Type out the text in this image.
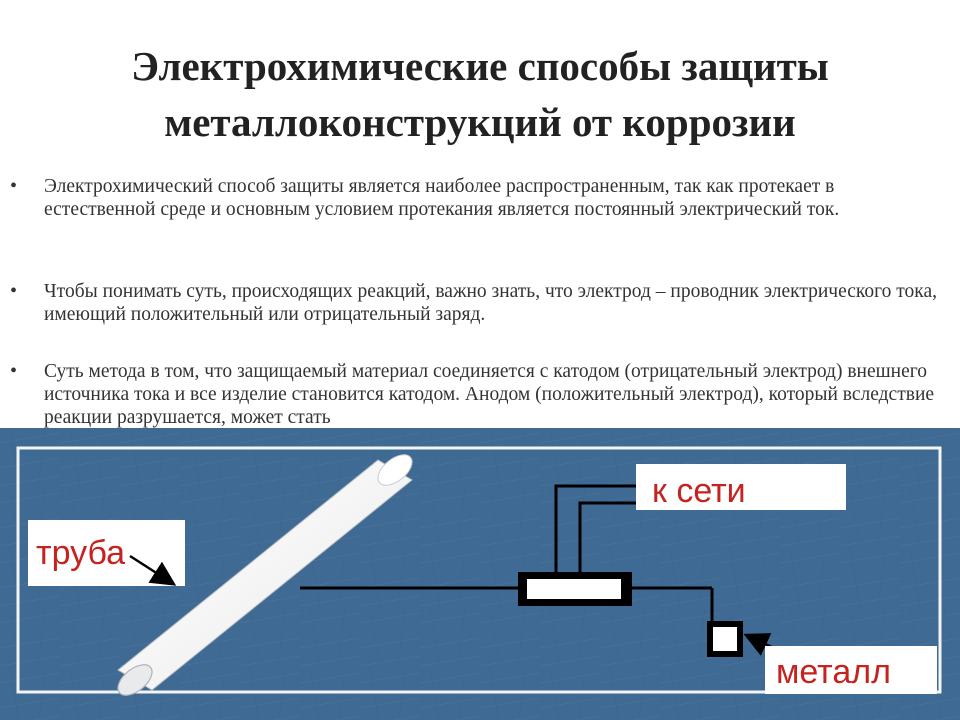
Электрохимические способы защиты металлоконструкций от коррозии
•	Электрохимический способ защиты является наиболее распространенным, так как протекает в естественной среде и основным условием протекания является постоянный электрический ток.
•	Чтобы понимать суть, происходящих реакций, важно знать, что электрод – проводник электрического тока, имеющий положительный или отрицательный заряд.
•	Суть метода в том, что защищаемый материал соединяется с катодом (отрицательный электрод) внешнего источника тока и все изделие становится катодом. Анодом (положительный электрод), который вследствие реакции разрушается, может стать
труба
к сети
металл
